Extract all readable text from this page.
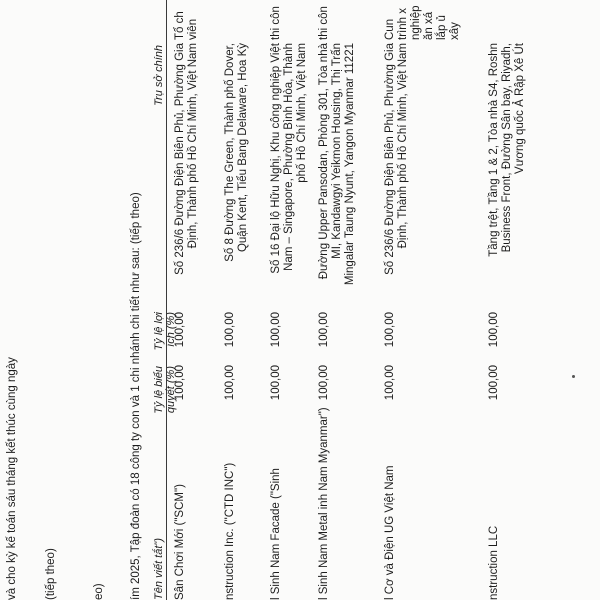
và cho kỳ kế toán sáu tháng kết thúc cùng ngày (tiếp theo)	eo) ím 2025, Tập đoàn có 18 công ty con và 1 chi nhánh chi tiết như sau: (tiếp theo) Tên viết tắt")
Tỷ lệ biểu quyết (%)
Tỷ lệ lợi ích (%)
Trụ sở chính
Sân Chơi Mới ("SCM")
100,00
100,00
Số 236/6 Đường Điện Biên Phủ, Phường Gia Định, Thành phố Hồ Chí Minh, Việt Nam
Tổ ch viên
nstruction Inc. ("CTD INC")
100,00
100,00
Số 8 Đường The Green, Thành phố Dover, Quận Kent, Tiểu Bang Delaware, Hoa Kỳ
l Sinh Nam Facade ("Sinh
100,00
100,00
Số 16 Đại lộ Hữu Nghị, Khu công nghiệp Việt Nam – Singapore, Phường Bình Hòa, Thành phố Hồ Chí Minh, Việt Nam
thi côn
l Sinh Nam Metal inh Nam Myanmar")
100,00
100,00
Đường Upper Pansodan, Phòng 301, Tòa nhà MI, Kandawgyi Yeikmon Housing, Thị Trấn Mingalar Taung Nyunt, Yangon Myanmar 11221
thi côn
l Cơ và Điện UG Việt Nam
100,00
100,00
Số 236/6 Đường Điện Biên Phủ, Phường Gia Định, Thành phố Hồ Chí Minh, Việt Nam
Cun trình x nghiệp ăn xá lắp ủ xây
nstruction LLC
100,00
100,00
Tầng trệt, Tầng 1 & 2, Tòa nhà S4, Roshn Business Front, Đường Sân bay, Riyadh, Vương quốc Ả Rập Xê Út
